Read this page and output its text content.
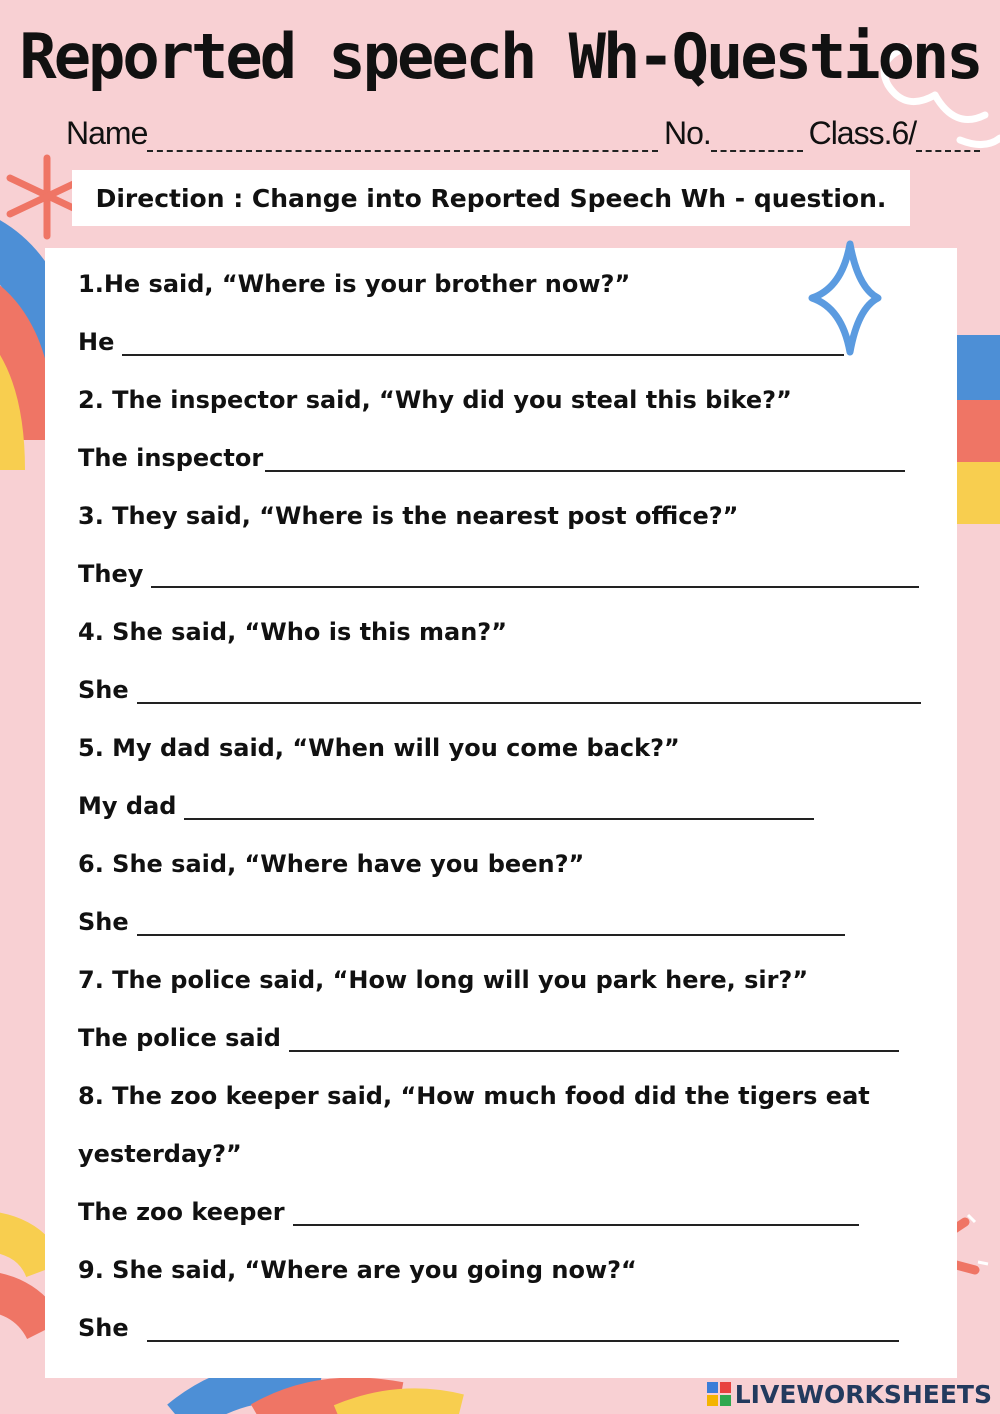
Reported speech Wh-Questions
Name	No.	Class.6/
Direction : Change into Reported Speech Wh - question.
1.He said, “Where is your brother now?”
He
2. The inspector said, “Why did you steal this bike?”
The inspector
3. They said, “Where is the nearest post office?”
They
4. She said, “Who is this man?”
She
5. My dad said, “When will you come back?”
My dad
6. She said, “Where have you been?”
She
7. The police said, “How long will you park here, sir?”
The police said
8. The zoo keeper said, “How much food did the tigers eat
yesterday?”
The zoo keeper
9. She said, “Where are you going now?“
She
LIVEWORKSHEETS
